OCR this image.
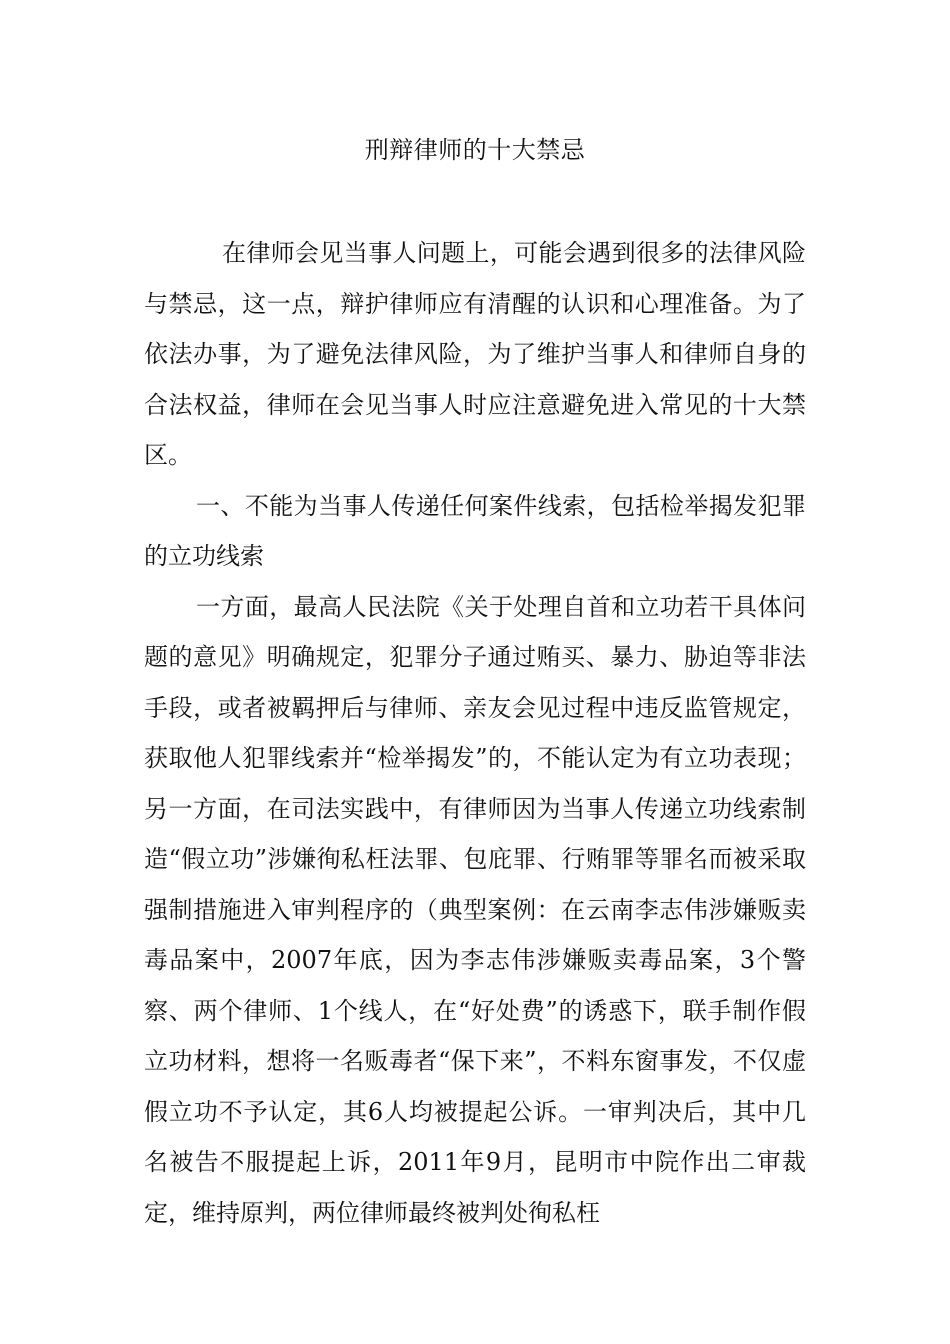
刑辩律师的十大禁忌

在律师会见当事人问题上，可能会遇到很多的法律风险与禁忌，这一点，辩护律师应有清醒的认识和心理准备。为了依法办事，为了避免法律风险，为了维护当事人和律师自身的合法权益，律师在会见当事人时应注意避免进入常见的十大禁区。

一、不能为当事人传递任何案件线索，包括检举揭发犯罪的立功线索

一方面，最高人民法院《关于处理自首和立功若干具体问题的意见》明确规定，犯罪分子通过贿买、暴力、胁迫等非法手段，或者被羁押后与律师、亲友会见过程中违反监管规定，获取他人犯罪线索并“检举揭发”的，不能认定为有立功表现；另一方面，在司法实践中，有律师因为当事人传递立功线索制造“假立功”涉嫌徇私枉法罪、包庇罪、行贿罪等罪名而被采取强制措施进入审判程序的（典型案例：在云南李志伟涉嫌贩卖毒品案中，2007年底，因为李志伟涉嫌贩卖毒品案，3个警察、两个律师、1个线人，在“好处费”的诱惑下，联手制作假立功材料，想将一名贩毒者“保下来”，不料东窗事发，不仅虚假立功不予认定，其6人均被提起公诉。一审判决后，其中几名被告不服提起上诉，2011年9月，昆明市中院作出二审裁定，维持原判，两位律师最终被判处徇私枉
